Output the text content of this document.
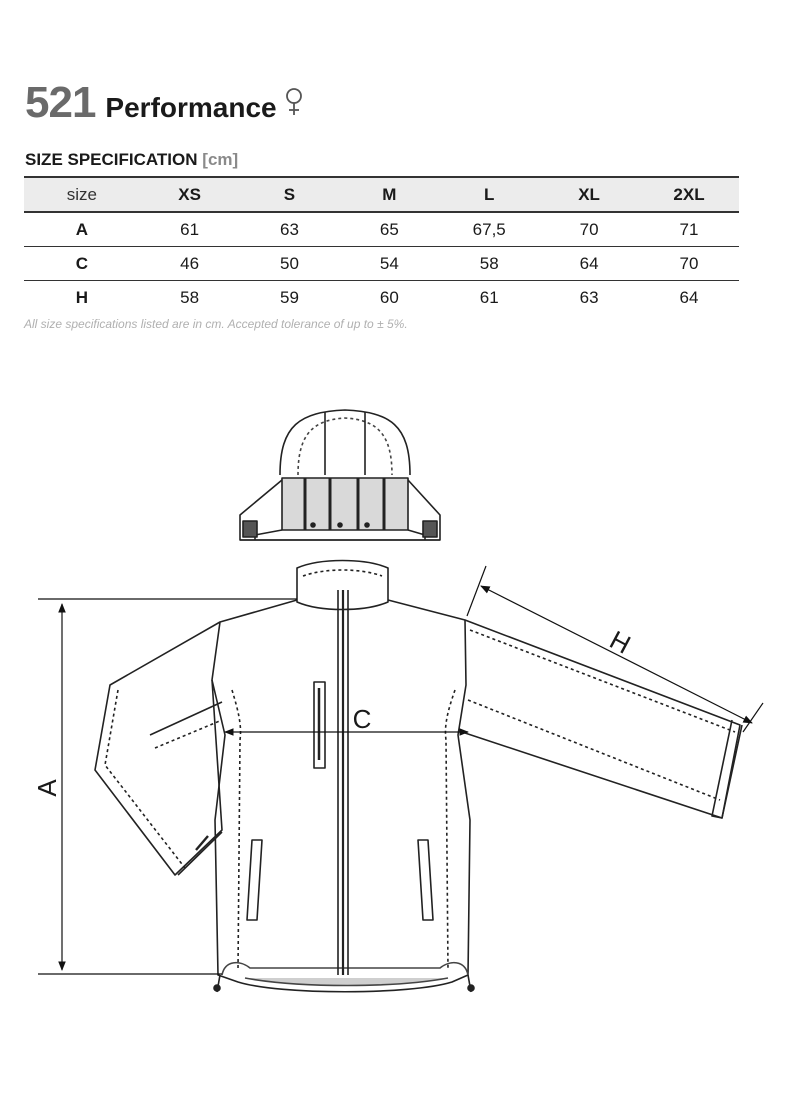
521 Performance
SIZE SPECIFICATION [cm]
size	XS	S	M	L	XL	2XL
A	61	63	65	67,5	70	71
C	46	50	54	58	64	70
H	58	59	60	61	63	64
All size specifications listed are in cm. Accepted tolerance of up to ± 5%.
A
C
H
